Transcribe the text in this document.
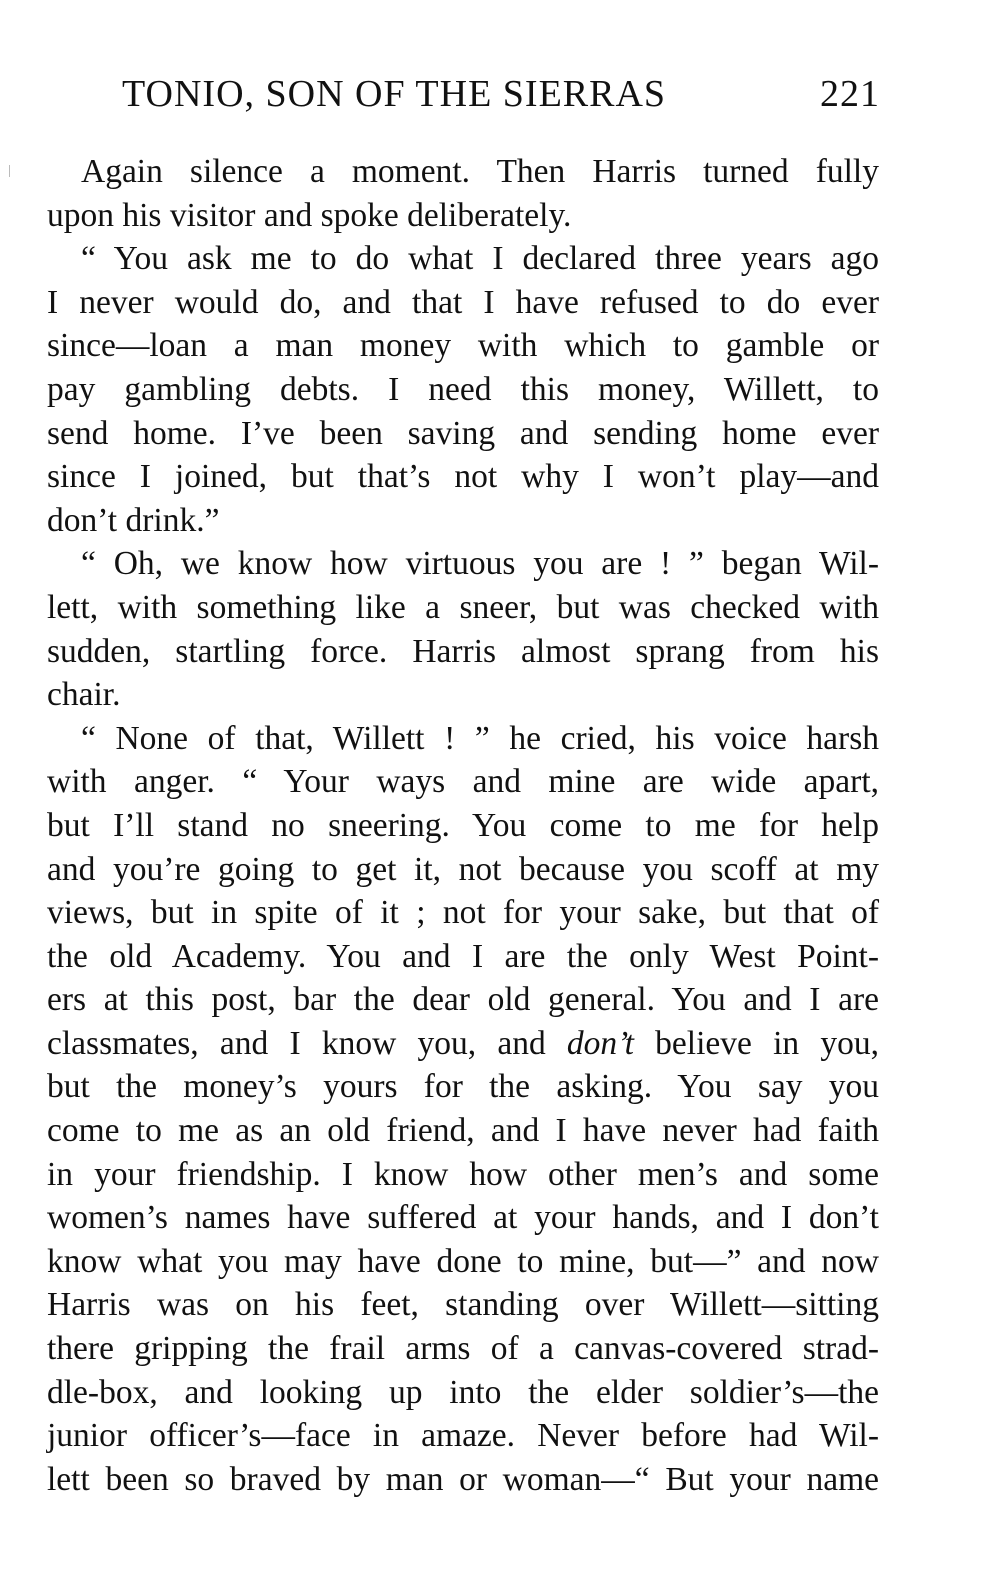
TONIO, SON OF THE SIERRAS	221
Again silence a moment. Then Harris turned fully
upon his visitor and spoke deliberately.
“ You ask me to do what I declared three years ago
I never would do, and that I have refused to do ever
since—loan a man money with which to gamble or
pay gambling debts. I need this money, Willett, to
send home. I’ve been saving and sending home ever
since I joined, but that’s not why I won’t play—and
don’t drink.”
“ Oh, we know how virtuous you are ! ” began Wil-
lett, with something like a sneer, but was checked with
sudden, startling force. Harris almost sprang from his
chair.
“ None of that, Willett ! ” he cried, his voice harsh
with anger. “ Your ways and mine are wide apart,
but I’ll stand no sneering. You come to me for help
and you’re going to get it, not because you scoff at my
views, but in spite of it ; not for your sake, but that of
the old Academy. You and I are the only West Point-
ers at this post, bar the dear old general. You and I are
classmates, and I know you, and don’t believe in you,
but the money’s yours for the asking. You say you
come to me as an old friend, and I have never had faith
in your friendship. I know how other men’s and some
women’s names have suffered at your hands, and I don’t
know what you may have done to mine, but—” and now
Harris was on his feet, standing over Willett—sitting
there gripping the frail arms of a canvas-covered strad-
dle-box, and looking up into the elder soldier’s—the
junior officer’s—face in amaze. Never before had Wil-
lett been so braved by man or woman—“ But your name
